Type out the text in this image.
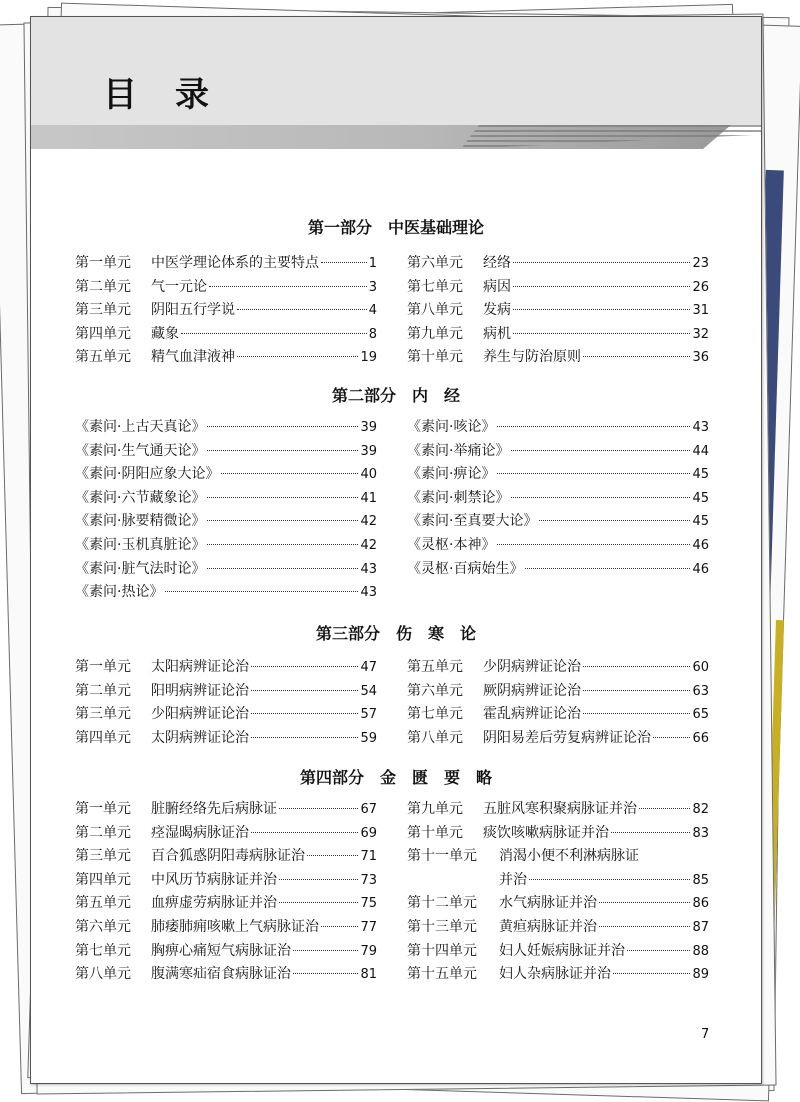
目录
第一部分　中医基础理论
第一单元	中医学理论体系的主要特点	1
第二单元	气一元论	3
第三单元	阴阳五行学说	4
第四单元	藏象	8
第五单元	精气血津液神	19
第六单元	经络	23
第七单元	病因	26
第八单元	发病	31
第九单元	病机	32
第十单元	养生与防治原则	36
第二部分　内　经
《素问·上古天真论》	39
《素问·生气通天论》	39
《素问·阴阳应象大论》	40
《素问·六节藏象论》	41
《素问·脉要精微论》	42
《素问·玉机真脏论》	42
《素问·脏气法时论》	43
《素问·热论》	43
《素问·咳论》	43
《素问·举痛论》	44
《素问·痹论》	45
《素问·刺禁论》	45
《素问·至真要大论》	45
《灵枢·本神》	46
《灵枢·百病始生》	46
第三部分　伤　寒　论
第一单元	太阳病辨证论治	47
第二单元	阳明病辨证论治	54
第三单元	少阳病辨证论治	57
第四单元	太阴病辨证论治	59
第五单元	少阴病辨证论治	60
第六单元	厥阴病辨证论治	63
第七单元	霍乱病辨证论治	65
第八单元	阴阳易差后劳复病辨证论治	66
第四部分　金　匮　要　略
第一单元	脏腑经络先后病脉证	67
第二单元	痉湿暍病脉证治	69
第三单元	百合狐惑阴阳毒病脉证治	71
第四单元	中风历节病脉证并治	73
第五单元	血痹虚劳病脉证并治	75
第六单元	肺痿肺痈咳嗽上气病脉证治	77
第七单元	胸痹心痛短气病脉证治	79
第八单元	腹满寒疝宿食病脉证治	81
第九单元	五脏风寒积聚病脉证并治	82
第十单元	痰饮咳嗽病脉证并治	83
第十一单元	消渴小便不利淋病脉证
并治	85
第十二单元	水气病脉证并治	86
第十三单元	黄疸病脉证并治	87
第十四单元	妇人妊娠病脉证并治	88
第十五单元	妇人杂病脉证并治	89
7
